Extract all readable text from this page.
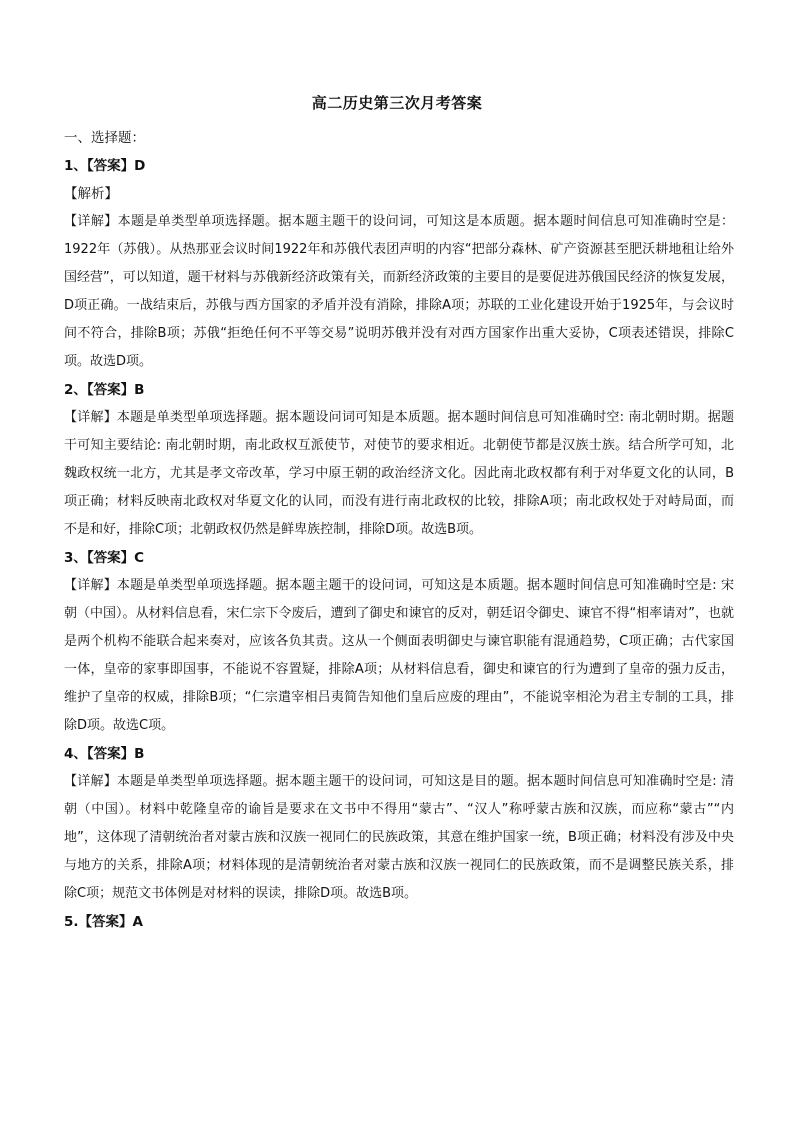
高二历史第三次月考答案
一、选择题：
1、【答案】D
【解析】
【详解】本题是单类型单项选择题。据本题主题干的设问词，可知这是本质题。据本题时间信息可知准确时空是：1922年（苏俄）。从热那亚会议时间1922年和苏俄代表团声明的内容“把部分森林、矿产资源甚至肥沃耕地租让给外国经营”，可以知道，题干材料与苏俄新经济政策有关，而新经济政策的主要目的是要促进苏俄国民经济的恢复发展，D项正确。一战结束后，苏俄与西方国家的矛盾并没有消除，排除A项；苏联的工业化建设开始于1925年，与会议时间不符合，排除B项；苏俄“拒绝任何不平等交易”说明苏俄并没有对西方国家作出重大妥协，C项表述错误，排除C项。故选D项。
2、【答案】B
【详解】本题是单类型单项选择题。据本题设问词可知是本质题。据本题时间信息可知准确时空: 南北朝时期。据题干可知主要结论: 南北朝时期，南北政权互派使节，对使节的要求相近。北朝使节都是汉族士族。结合所学可知，北魏政权统一北方，尤其是孝文帝改革，学习中原王朝的政治经济文化。因此南北政权都有利于对华夏文化的认同，B项正确；材料反映南北政权对华夏文化的认同，而没有进行南北政权的比较，排除A项；南北政权处于对峙局面，而不是和好，排除C项；北朝政权仍然是鲜卑族控制，排除D项。故选B项。
3、【答案】C
【详解】本题是单类型单项选择题。据本题主题干的设问词，可知这是本质题。据本题时间信息可知准确时空是: 宋朝（中国）。从材料信息看，宋仁宗下令废后，遭到了御史和谏官的反对，朝廷诏令御史、谏官不得“相率请对”，也就是两个机构不能联合起来奏对，应该各负其责。这从一个侧面表明御史与谏官职能有混通趋势，C项正确；古代家国一体，皇帝的家事即国事，不能说不容置疑，排除A项；从材料信息看，御史和谏官的行为遭到了皇帝的强力反击，维护了皇帝的权威，排除B项；“仁宗遣宰相吕夷简告知他们皇后应废的理由”，不能说宰相沦为君主专制的工具，排除D项。故选C项。
4、【答案】B
【详解】本题是单类型单项选择题。据本题主题干的设问词，可知这是目的题。据本题时间信息可知准确时空是: 清朝（中国）。材料中乾隆皇帝的谕旨是要求在文书中不得用“蒙古”、“汉人”称呼蒙古族和汉族，而应称“蒙古”“内地”，这体现了清朝统治者对蒙古族和汉族一视同仁的民族政策，其意在维护国家一统，B项正确；材料没有涉及中央与地方的关系，排除A项；材料体现的是清朝统治者对蒙古族和汉族一视同仁的民族政策，而不是调整民族关系，排除C项；规范文书体例是对材料的误读，排除D项。故选B项。
5.【答案】A
